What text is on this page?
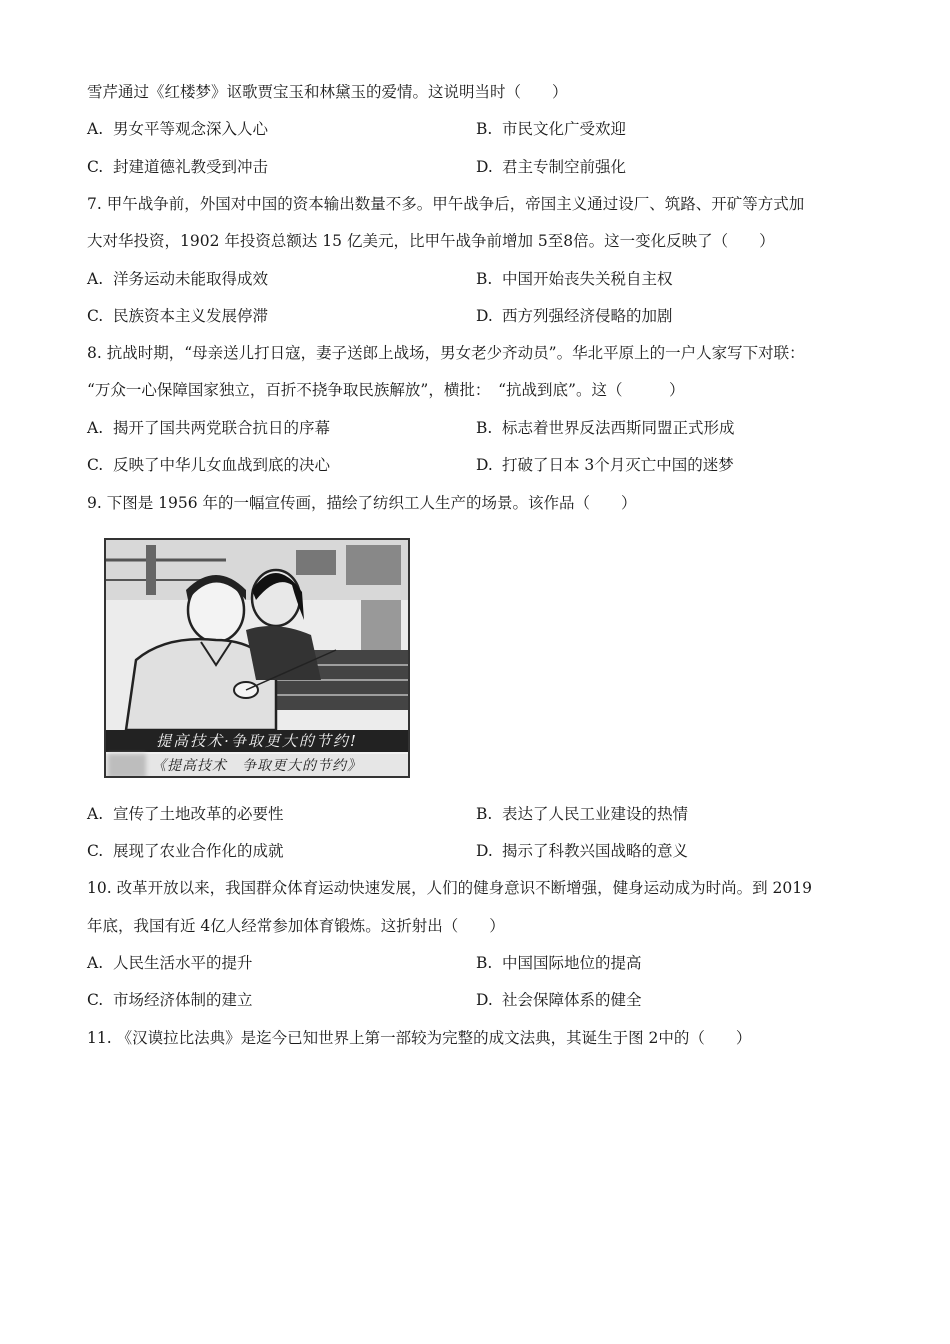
雪芹通过《红楼梦》讴歌贾宝玉和林黛玉的爱情。这说明当时（　　）
A. 男女平等观念深入人心	B. 市民文化广受欢迎
C. 封建道德礼教受到冲击	D. 君主专制空前强化
7. 甲午战争前，外国对中国的资本输出数量不多。甲午战争后，帝国主义通过设厂、筑路、开矿等方式加
大对华投资，1902 年投资总额达 15 亿美元，比甲午战争前增加 5至8倍。这一变化反映了（　　）
A. 洋务运动未能取得成效	B. 中国开始丧失关税自主权
C. 民族资本主义发展停滞	D. 西方列强经济侵略的加剧
8. 抗战时期，“母亲送儿打日寇，妻子送郎上战场，男女老少齐动员”。华北平原上的一户人家写下对联：
“万众一心保障国家独立，百折不挠争取民族解放”，横批：　“抗战到底”。这（　　　）
A. 揭开了国共两党联合抗日的序幕	B. 标志着世界反法西斯同盟正式形成
C. 反映了中华儿女血战到底的决心	D. 打破了日本 3个月灭亡中国的迷梦
9. 下图是 1956 年的一幅宣传画，描绘了纺织工人生产的场景。该作品（　　）
提高技术·争取更大的节约!
《提高技术　争取更大的节约》
A. 宣传了土地改革的必要性	B. 表达了人民工业建设的热情
C. 展现了农业合作化的成就	D. 揭示了科教兴国战略的意义
10. 改革开放以来，我国群众体育运动快速发展，人们的健身意识不断增强，健身运动成为时尚。到 2019
年底，我国有近 4亿人经常参加体育锻炼。这折射出（　　）
A. 人民生活水平的提升	B. 中国国际地位的提高
C. 市场经济体制的建立	D. 社会保障体系的健全
11. 《汉谟拉比法典》是迄今已知世界上第一部较为完整的成文法典，其诞生于图 2中的（　　）
